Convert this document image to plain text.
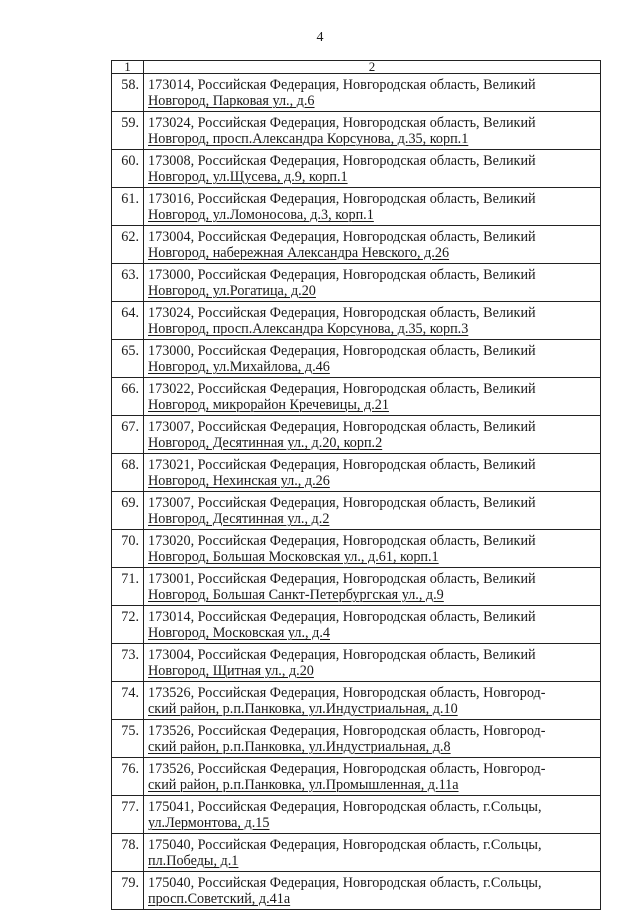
4
1	2
58.	173014, Российская Федерация, Новгородская область, Великий
Новгород, Парковая ул., д.6

59.	173024, Российская Федерация, Новгородская область, Великий
Новгород, просп.Александра Корсунова, д.35, корп.1

60.	173008, Российская Федерация, Новгородская область, Великий
Новгород, ул.Щусева, д.9, корп.1

61.	173016, Российская Федерация, Новгородская область, Великий
Новгород, ул.Ломоносова, д.3, корп.1

62.	173004, Российская Федерация, Новгородская область, Великий
Новгород, набережная Александра Невского, д.26

63.	173000, Российская Федерация, Новгородская область, Великий
Новгород, ул.Рогатица, д.20

64.	173024, Российская Федерация, Новгородская область, Великий
Новгород, просп.Александра Корсунова, д.35, корп.3

65.	173000, Российская Федерация, Новгородская область, Великий
Новгород, ул.Михайлова, д.46

66.	173022, Российская Федерация, Новгородская область, Великий
Новгород, микрорайон Кречевицы, д.21

67.	173007, Российская Федерация, Новгородская область, Великий
Новгород, Десятинная ул., д.20, корп.2

68.	173021, Российская Федерация, Новгородская область, Великий
Новгород, Нехинская ул., д.26

69.	173007, Российская Федерация, Новгородская область, Великий
Новгород, Десятинная ул., д.2

70.	173020, Российская Федерация, Новгородская область, Великий
Новгород, Большая Московская ул., д.61, корп.1

71.	173001, Российская Федерация, Новгородская область, Великий
Новгород, Большая Санкт-Петербургская ул., д.9

72.	173014, Российская Федерация, Новгородская область, Великий
Новгород, Московская ул., д.4

73.	173004, Российская Федерация, Новгородская область, Великий
Новгород, Щитная ул., д.20

74.	173526, Российская Федерация, Новгородская область, Новгород-
ский район, р.п.Панковка, ул.Индустриальная, д.10

75.	173526, Российская Федерация, Новгородская область, Новгород-
ский район, р.п.Панковка, ул.Индустриальная, д.8

76.	173526, Российская Федерация, Новгородская область, Новгород-
ский район, р.п.Панковка, ул.Промышленная, д.11а

77.	175041, Российская Федерация, Новгородская область, г.Сольцы,
ул.Лермонтова, д.15

78.	175040, Российская Федерация, Новгородская область, г.Сольцы,
пл.Победы, д.1

79.	175040, Российская Федерация, Новгородская область, г.Сольцы,
просп.Советский, д.41а
